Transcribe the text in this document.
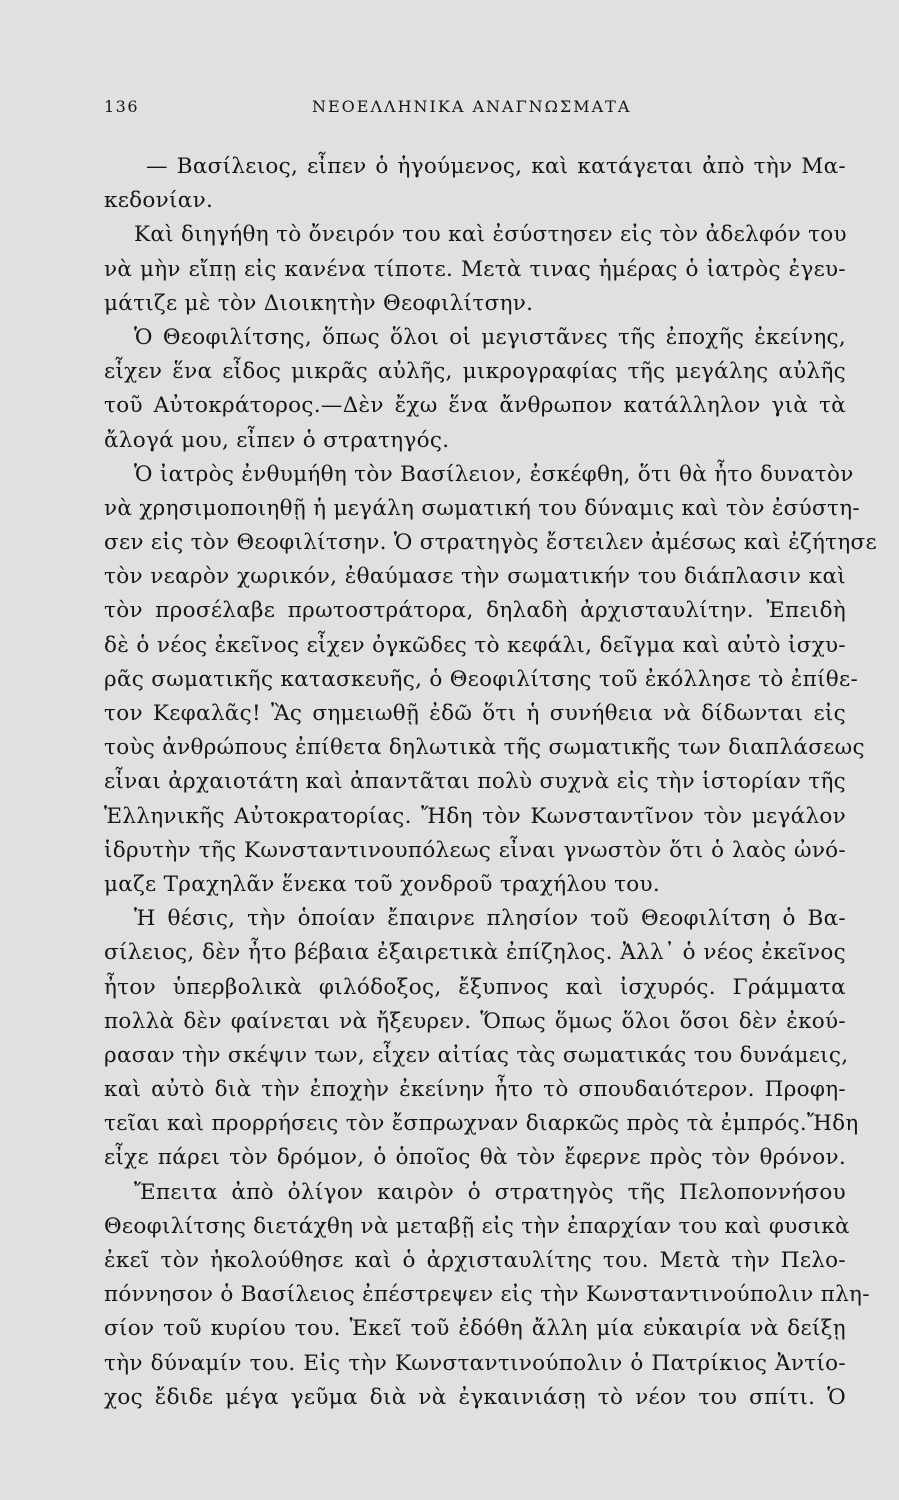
136	ΝΕΟΕΛΛΗΝΙΚΑ ΑΝΑΓΝΩΣΜΑΤΑ
— Βασίλειος, εἶπεν ὁ ἡγούμενος, καὶ κατάγεται ἀπὸ τὴν Μα-
κεδονίαν.
Καὶ διηγήθη τὸ ὄνειρόν του καὶ ἐσύστησεν εἰς τὸν ἀδελφόν του
νὰ μὴν εἴπῃ εἰς κανένα τίποτε. Μετὰ τινας ἡμέρας ὁ ἰατρὸς ἐγευ-
μάτιζε μὲ τὸν Διοικητὴν Θεοφιλίτσην.
Ὁ Θεοφιλίτσης, ὅπως ὅλοι οἱ μεγιστᾶνες τῆς ἐποχῆς ἐκείνης,
εἶχεν ἕνα εἶδος μικρᾶς αὐλῆς, μικρογραφίας τῆς μεγάλης αὐλῆς
τοῦ Αὐτοκράτορος.—Δὲν ἔχω ἕνα ἄνθρωπον κατάλληλον γιὰ τὰ
ἄλογά μου, εἶπεν ὁ στρατηγός.
Ὁ ἰατρὸς ἐνθυμήθη τὸν Βασίλειον, ἐσκέφθη, ὅτι θὰ ἦτο δυνατὸν
νὰ χρησιμοποιηθῇ ἡ μεγάλη σωματική του δύναμις καὶ τὸν ἐσύστη-
σεν εἰς τὸν Θεοφιλίτσην. Ὁ στρατηγὸς ἔστειλεν ἀμέσως καὶ ἐζήτησε
τὸν νεαρὸν χωρικόν, ἐθαύμασε τὴν σωματικήν του διάπλασιν καὶ
τὸν προσέλαβε πρωτοστράτορα, δηλαδὴ ἀρχισταυλίτην. Ἐπειδὴ
δὲ ὁ νέος ἐκεῖνος εἶχεν ὀγκῶδες τὸ κεφάλι, δεῖγμα καὶ αὐτὸ ἰσχυ-
ρᾶς σωματικῆς κατασκευῆς, ὁ Θεοφιλίτσης τοῦ ἐκόλλησε τὸ ἐπίθε-
τον Κεφαλᾶς! Ἂς σημειωθῇ ἐδῶ ὅτι ἡ συνήθεια νὰ δίδωνται εἰς
τοὺς ἀνθρώπους ἐπίθετα δηλωτικὰ τῆς σωματικῆς των διαπλάσεως
εἶναι ἀρχαιοτάτη καὶ ἀπαντᾶται πολὺ συχνὰ εἰς τὴν ἱστορίαν τῆς
Ἑλληνικῆς Αὐτοκρατορίας. Ἤδη τὸν Κωνσταντῖνον τὸν μεγάλον
ἱδρυτὴν τῆς Κωνσταντινουπόλεως εἶναι γνωστὸν ὅτι ὁ λαὸς ὠνό-
μαζε Τραχηλᾶν ἕνεκα τοῦ χονδροῦ τραχήλου του.
Ἡ θέσις, τὴν ὁποίαν ἔπαιρνε πλησίον τοῦ Θεοφιλίτση ὁ Βα-
σίλειος, δὲν ἦτο βέβαια ἐξαιρετικὰ ἐπίζηλος. Ἀλλ᾽ ὁ νέος ἐκεῖνος
ἦτον ὑπερβολικὰ φιλόδοξος, ἔξυπνος καὶ ἰσχυρός. Γράμματα
πολλὰ δὲν φαίνεται νὰ ἤξευρεν. Ὅπως ὅμως ὅλοι ὅσοι δὲν ἐκού-
ρασαν τὴν σκέψιν των, εἶχεν αἰτίας τὰς σωματικάς του δυνάμεις,
καὶ αὐτὸ διὰ τὴν ἐποχὴν ἐκείνην ἦτο τὸ σπουδαιότερον. Προφη-
τεῖαι καὶ προρρήσεις τὸν ἔσπρωχναν διαρκῶς πρὸς τὰ ἐμπρός.Ἤδη
εἶχε πάρει τὸν δρόμον, ὁ ὁποῖος θὰ τὸν ἔφερνε πρὸς τὸν θρόνον.
Ἔπειτα ἀπὸ ὀλίγον καιρὸν ὁ στρατηγὸς τῆς Πελοποννήσου
Θεοφιλίτσης διετάχθη νὰ μεταβῇ εἰς τὴν ἐπαρχίαν του καὶ φυσικὰ
ἐκεῖ τὸν ἠκολούθησε καὶ ὁ ἀρχισταυλίτης του. Μετὰ τὴν Πελο-
πόννησον ὁ Βασίλειος ἐπέστρεψεν εἰς τὴν Κωνσταντινούπολιν πλη-
σίον τοῦ κυρίου του. Ἐκεῖ τοῦ ἐδόθη ἄλλη μία εὐκαιρία νὰ δείξῃ
τὴν δύναμίν του. Εἰς τὴν Κωνσταντινούπολιν ὁ Πατρίκιος Ἀντίο-
χος ἔδιδε μέγα γεῦμα διὰ νὰ ἐγκαινιάσῃ τὸ νέον του σπίτι. Ὁ
